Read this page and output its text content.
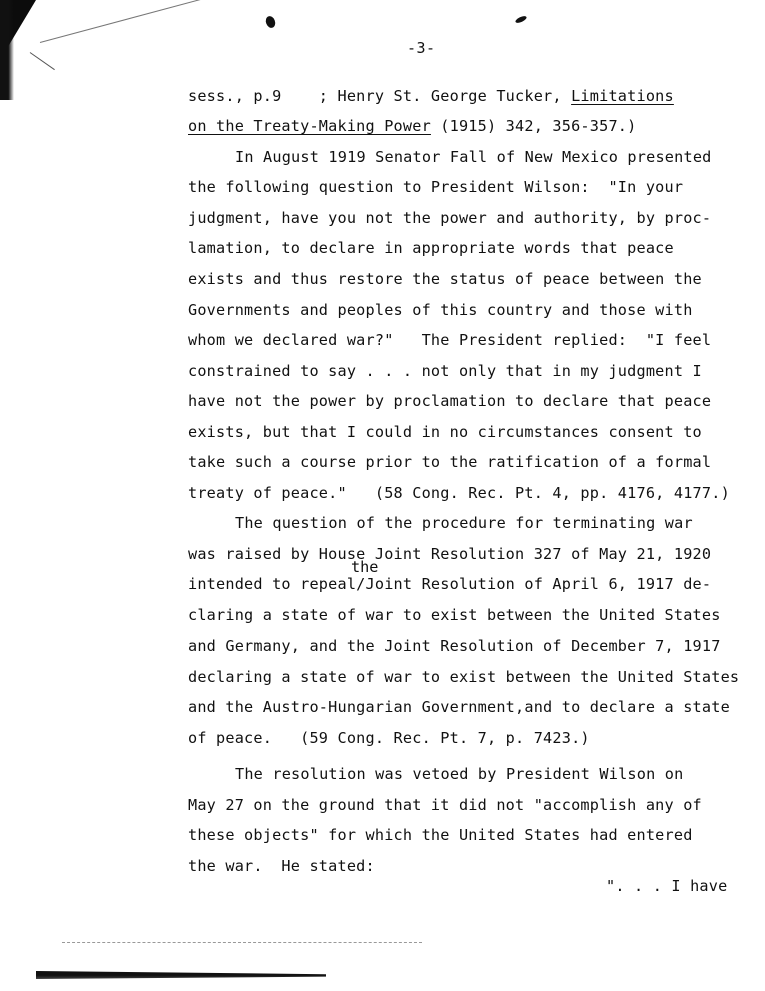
-3-
sess., p.9    ; Henry St. George Tucker, Limitations
on the Treaty-Making Power (1915) 342, 356-357.)
In August 1919 Senator Fall of New Mexico presented
the following question to President Wilson:  "In your
judgment, have you not the power and authority, by proc-
lamation, to declare in appropriate words that peace
exists and thus restore the status of peace between the
Governments and peoples of this country and those with
whom we declared war?"   The President replied:  "I feel
constrained to say . . . not only that in my judgment I
have not the power by proclamation to declare that peace
exists, but that I could in no circumstances consent to
take such a course prior to the ratification of a formal
treaty of peace."   (58 Cong. Rec. Pt. 4, pp. 4176, 4177.)
The question of the procedure for terminating war
was raised by House Joint Resolution 327 of May 21, 1920
the
intended to repeal/Joint Resolution of April 6, 1917 de-
claring a state of war to exist between the United States
and Germany, and the Joint Resolution of December 7, 1917
declaring a state of war to exist between the United States
and the Austro-Hungarian Government,and to declare a state
of peace.   (59 Cong. Rec. Pt. 7, p. 7423.)
The resolution was vetoed by President Wilson on
May 27 on the ground that it did not "accomplish any of
these objects" for which the United States had entered
the war.  He stated:
". . . I have
